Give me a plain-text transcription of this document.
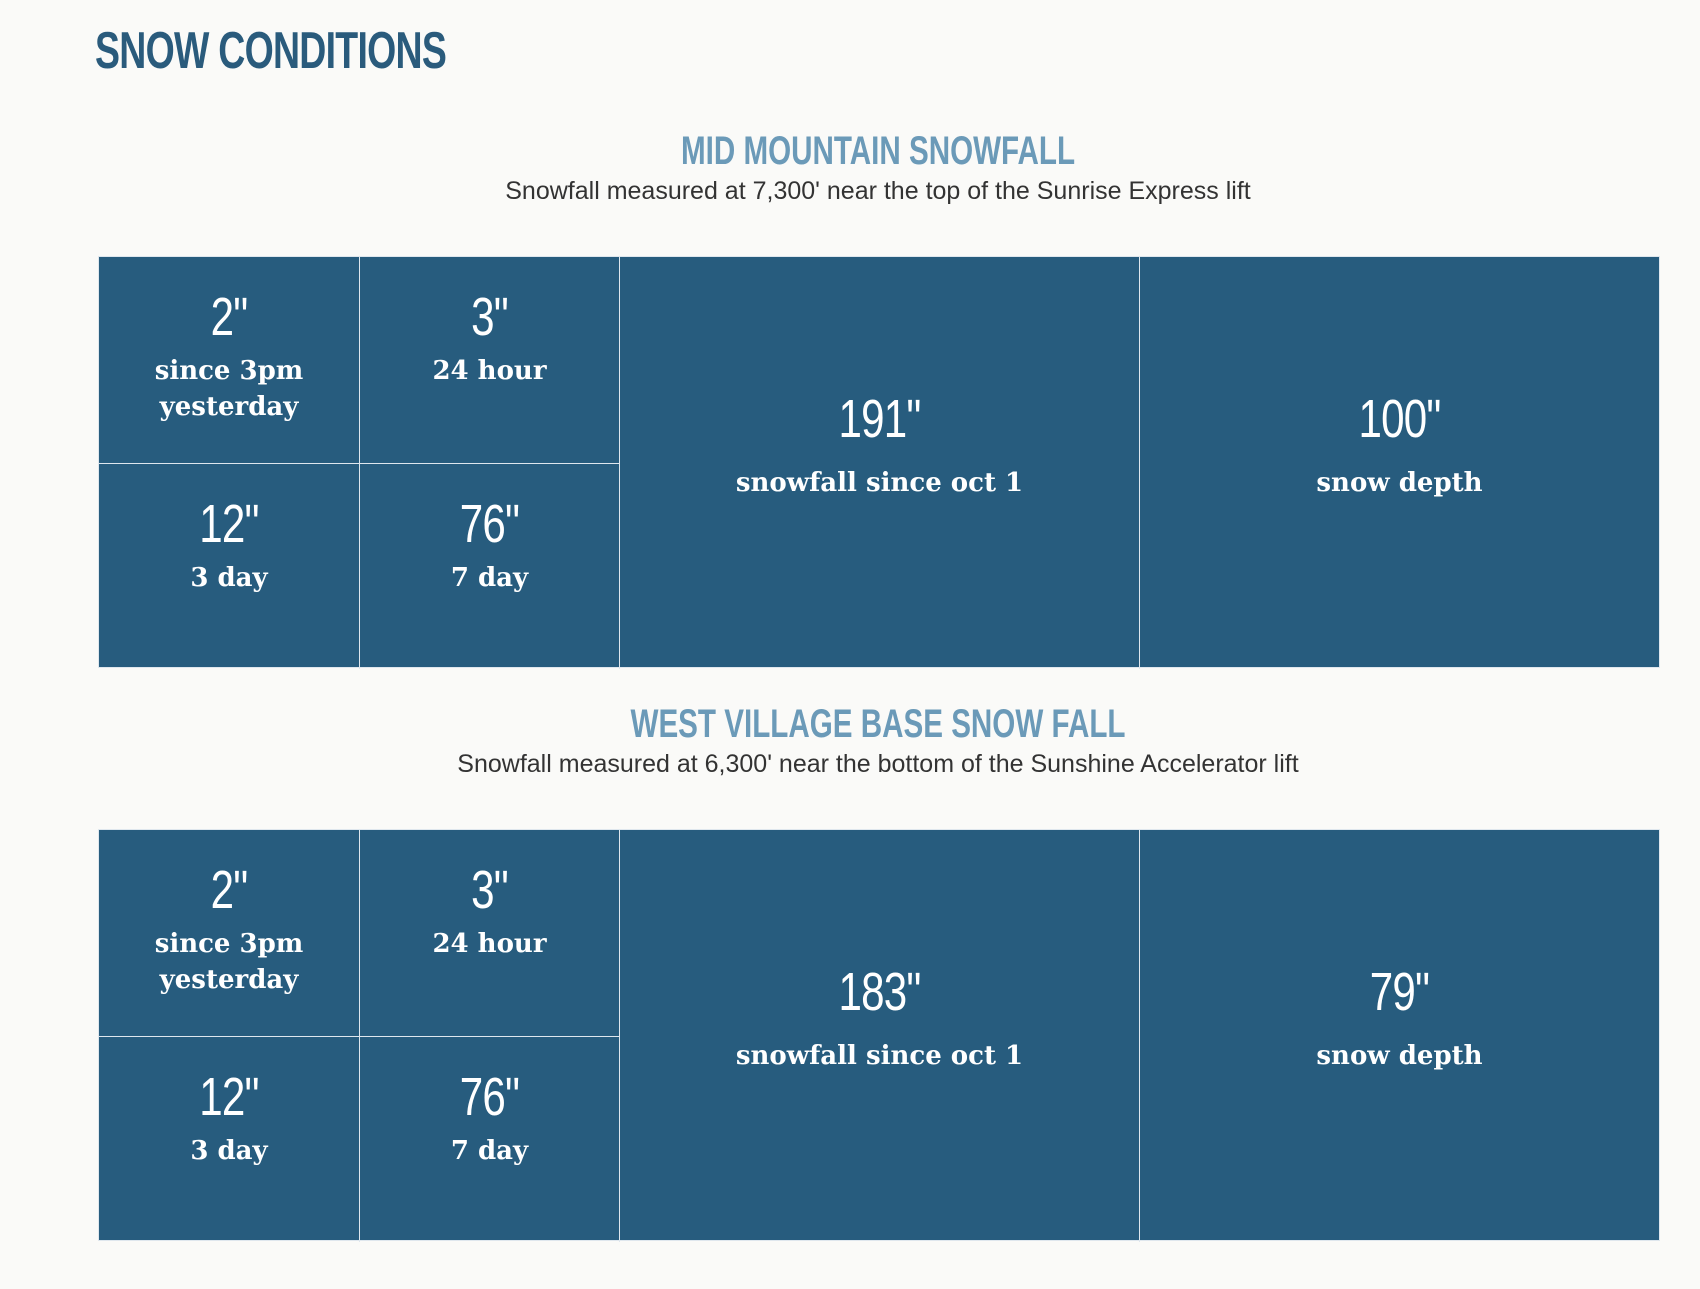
SNOW CONDITIONS
MID MOUNTAIN SNOWFALL

Snowfall measured at 7,300' near the top of the Sunrise Express lift

2"
since 3pm yesterday
3"
24 hour
12"
3 day
76"
7 day
191"
snowfall since oct 1
100"
snow depth
WEST VILLAGE BASE SNOW FALL

Snowfall measured at 6,300' near the bottom of the Sunshine Accelerator lift

2"
since 3pm yesterday
3"
24 hour
12"
3 day
76"
7 day
183"
snowfall since oct 1
79"
snow depth
